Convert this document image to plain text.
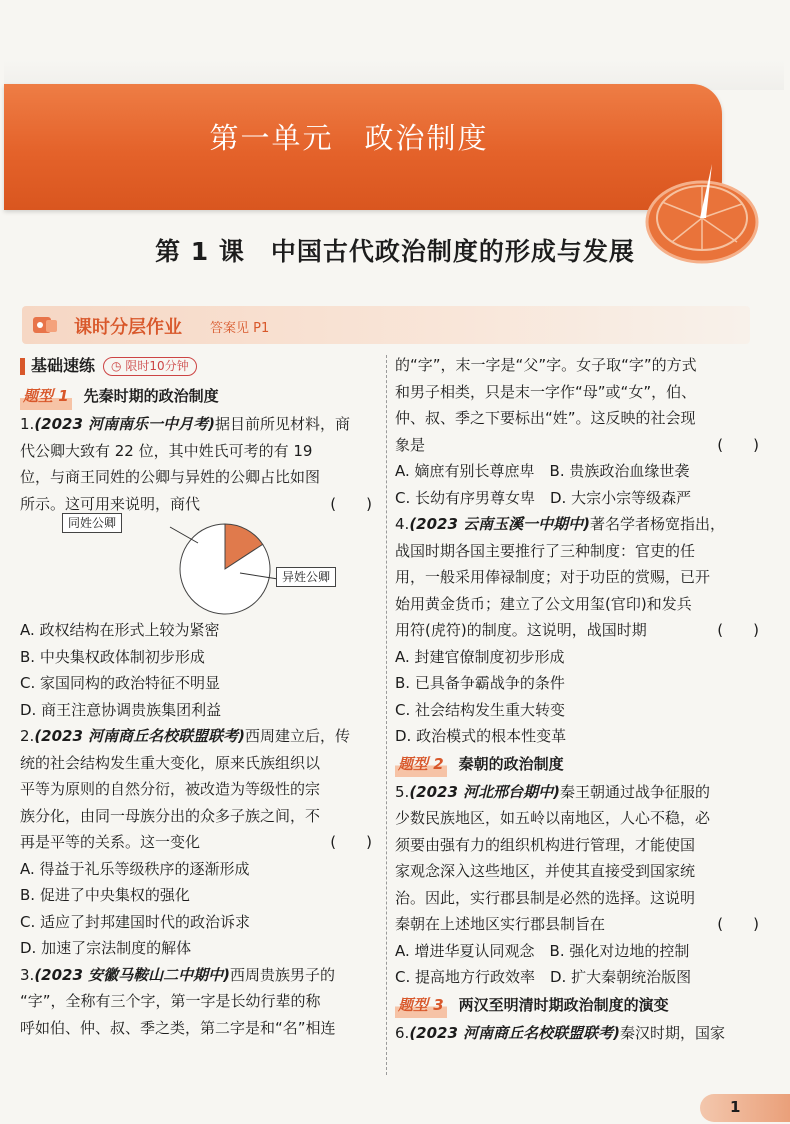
第一单元　政治制度
第 1 课　中国古代政治制度的形成与发展
课时分层作业 答案见 P1
基础速练	◷ 限时10分钟
题型 1 先秦时期的政治制度

1.(2023 河南南乐一中月考)据目前所见材料，商

代公卿大致有 22 位，其中姓氏可考的有 19

位，与商王同姓的公卿与异姓的公卿占比如图

所示。这可用来说明，商代	(　　)

同姓公卿
异姓公卿

A. 政权结构在形式上较为紧密

B. 中央集权政体制初步形成

C. 家国同构的政治特征不明显

D. 商王注意协调贵族集团利益

2.(2023 河南商丘名校联盟联考)西周建立后，传

统的社会结构发生重大变化，原来氏族组织以

平等为原则的自然分衍，被改造为等级性的宗

族分化，由同一母族分出的众多子族之间，不

再是平等的关系。这一变化	(　　)

A. 得益于礼乐等级秩序的逐渐形成

B. 促进了中央集权的强化

C. 适应了封邦建国时代的政治诉求

D. 加速了宗法制度的解体

3.(2023 安徽马鞍山二中期中)西周贵族男子的

“字”，全称有三个字，第一字是长幼行辈的称

呼如伯、仲、叔、季之类，第二字是和“名”相连

的“字”，末一字是“父”字。女子取“字”的方式

和男子相类，只是末一字作“母”或“女”，伯、

仲、叔、季之下要标出“姓”。这反映的社会现

象是	(　　)

A. 嫡庶有别长尊庶卑　B. 贵族政治血缘世袭

C. 长幼有序男尊女卑　D. 大宗小宗等级森严

4.(2023 云南玉溪一中期中)著名学者杨宽指出，

战国时期各国主要推行了三种制度：官吏的任

用，一般采用俸禄制度；对于功臣的赏赐，已开

始用黄金货币；建立了公文用玺(官印)和发兵

用符(虎符)的制度。这说明，战国时期	(　　)

A. 封建官僚制度初步形成

B. 已具备争霸战争的条件

C. 社会结构发生重大转变

D. 政治模式的根本性变革

题型 2 秦朝的政治制度

5.(2023 河北邢台期中)秦王朝通过战争征服的

少数民族地区，如五岭以南地区，人心不稳，必

须要由强有力的组织机构进行管理，才能使国

家观念深入这些地区，并使其直接受到国家统

治。因此，实行郡县制是必然的选择。这说明

秦朝在上述地区实行郡县制旨在	(　　)

A. 增进华夏认同观念　B. 强化对边地的控制

C. 提高地方行政效率　D. 扩大秦朝统治版图

题型 3 两汉至明清时期政治制度的演变

6.(2023 河南商丘名校联盟联考)秦汉时期，国家

1
